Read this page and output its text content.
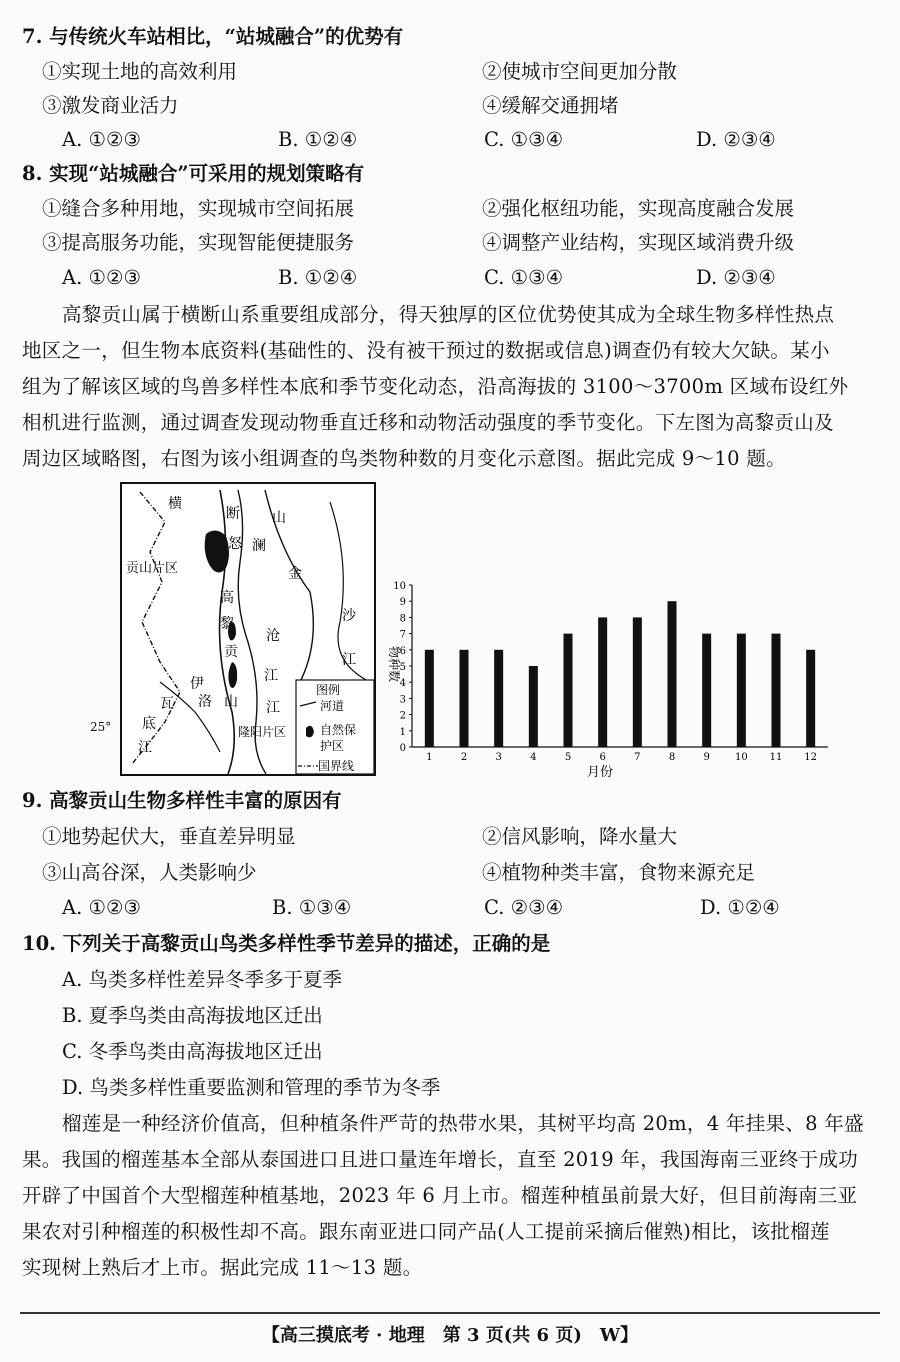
7. 与传统火车站相比，“站城融合”的优势有
①实现土地的高效利用	②使城市空间更加分散
③激发商业活力	④缓解交通拥堵
A. ①②③	B. ①②④	C. ①③④	D. ②③④
8. 实现“站城融合”可采用的规划策略有
①缝合多种用地，实现城市空间拓展	②强化枢纽功能，实现高度融合发展
③提高服务功能，实现智能便捷服务	④调整产业结构，实现区域消费升级
A. ①②③	B. ①②④	C. ①③④	D. ②③④
高黎贡山属于横断山系重要组成部分，得天独厚的区位优势使其成为全球生物多样性热点
地区之一，但生物本底资料(基础性的、没有被干预过的数据或信息)调查仍有较大欠缺。某小
组为了解该区域的鸟兽多样性本底和季节变化动态，沿高海拔的 3100～3700m 区域布设红外
相机进行监测，通过调查发现动物垂直迁移和动物活动强度的季节变化。下左图为高黎贡山及
周边区域略图，右图为该小组调查的鸟类物种数的月变化示意图。据此完成 9～10 题。
图例
河道
自然保
护区
国界线
横
断 山
怒 澜
金
贡山片区
沙
高
黎
沧
江
贡
江
山
伊
洛
瓦
底
江
江
隆阳片区
25°
0
1
2
3
4
5
6
7
8
9
10
1	2	3	4	5	6	7	8	9	10 11 12
物种数
月份
9. 高黎贡山生物多样性丰富的原因有
①地势起伏大，垂直差异明显	②信风影响，降水量大
③山高谷深，人类影响少	④植物种类丰富，食物来源充足
A. ①②③	B. ①③④	C. ②③④	D. ①②④
10. 下列关于高黎贡山鸟类多样性季节差异的描述，正确的是
A. 鸟类多样性差异冬季多于夏季
B. 夏季鸟类由高海拔地区迁出
C. 冬季鸟类由高海拔地区迁出
D. 鸟类多样性重要监测和管理的季节为冬季
榴莲是一种经济价值高，但种植条件严苛的热带水果，其树平均高 20m，4 年挂果、8 年盛
果。我国的榴莲基本全部从泰国进口且进口量连年增长，直至 2019 年，我国海南三亚终于成功
开辟了中国首个大型榴莲种植基地，2023 年 6 月上市。榴莲种植虽前景大好，但目前海南三亚
果农对引种榴莲的积极性却不高。跟东南亚进口同产品(人工提前采摘后催熟)相比，该批榴莲
实现树上熟后才上市。据此完成 11～13 题。
【高三摸底考 · 地理　第 3 页(共 6 页)　W】
